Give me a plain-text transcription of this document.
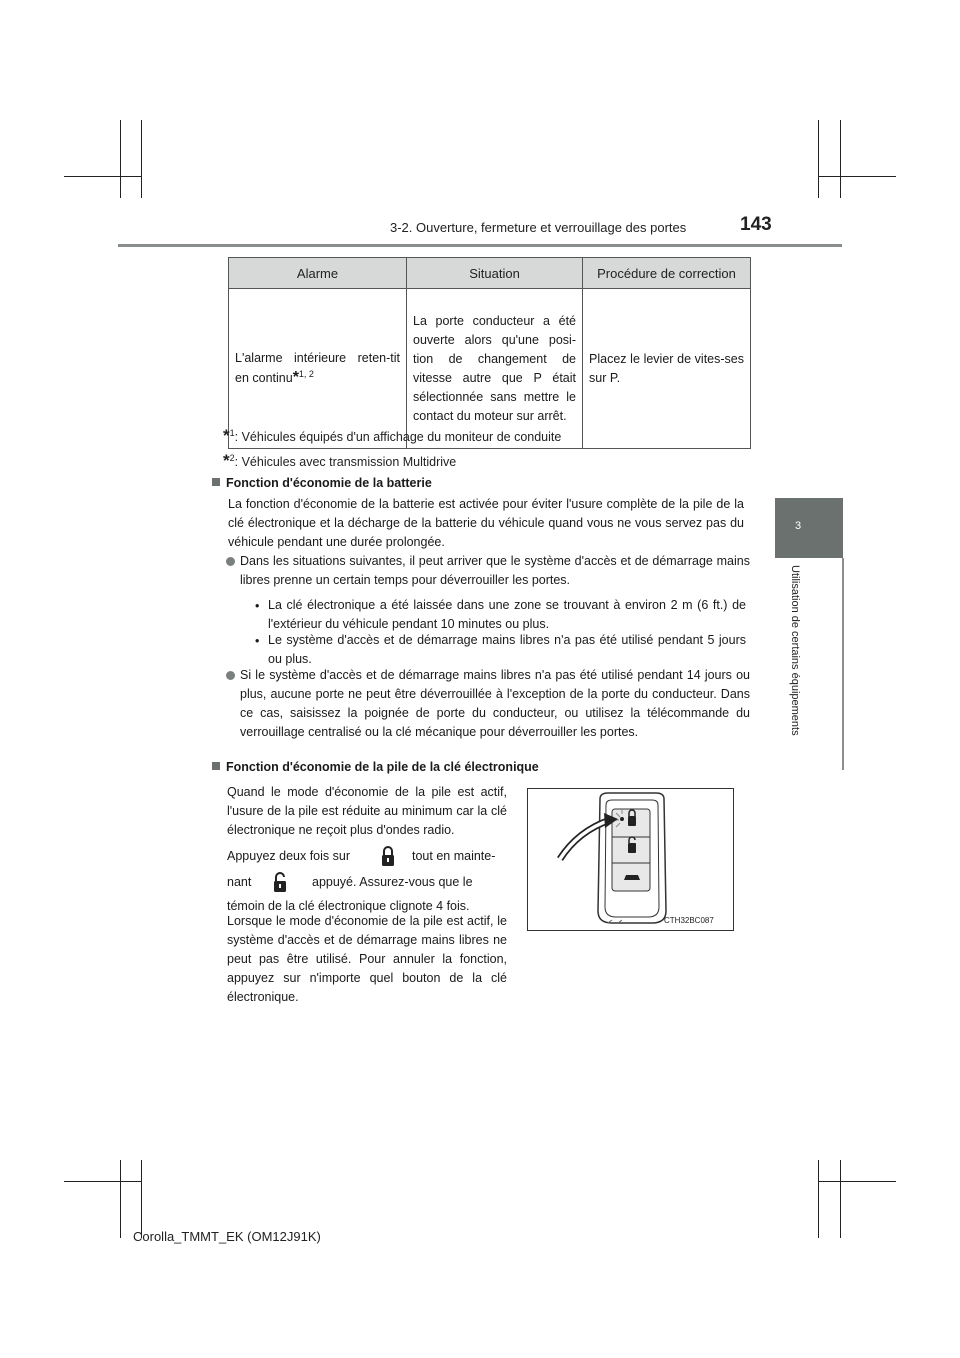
3-2. Ouverture, fermeture et verrouillage des portes	143
3
Utilisation de certains équipements
Alarme	Situation	Procédure de correction
L'alarme intérieure reten-tit en continu*$^{1, 2}$	La porte conducteur a été ouverte alors qu'une posi-tion de changement de vitesse autre que P était sélectionnée sans mettre le contact du moteur sur arrêt.	Placez le levier de vites-ses sur P.
*$^1$: Véhicules équipés d'un affichage du moniteur de conduite
*$^2$: Véhicules avec transmission Multidrive
Fonction d'économie de la batterie
La fonction d'économie de la batterie est activée pour éviter l'usure complète de la pile de la clé électronique et la décharge de la batterie du véhicule quand vous ne vous servez pas du véhicule pendant une durée prolongée.
Dans les situations suivantes, il peut arriver que le système d'accès et de démarrage mains libres prenne un certain temps pour déverrouiller les portes.
• La clé électronique a été laissée dans une zone se trouvant à environ 2 m (6 ft.) de l'extérieur du véhicule pendant 10 minutes ou plus.
• Le système d'accès et de démarrage mains libres n'a pas été utilisé pendant 5 jours ou plus.
Si le système d'accès et de démarrage mains libres n'a pas été utilisé pendant 14 jours ou plus, aucune porte ne peut être déverrouillée à l'exception de la porte du conducteur. Dans ce cas, saisissez la poignée de porte du conducteur, ou utilisez la télécommande du verrouillage centralisé ou la clé mécanique pour déverrouiller les portes.
Fonction d'économie de la pile de la clé électronique
Quand le mode d'économie de la pile est actif, l'usure de la pile est réduite au minimum car la clé électronique ne reçoit plus d'ondes radio.
Appuyez deux fois sur	tout en mainte-
nant	appuyé. Assurez-vous que le
témoin de la clé électronique clignote 4 fois.
Lorsque le mode d'économie de la pile est actif, le système d'accès et de démarrage mains libres ne peut pas être utilisé. Pour annuler la fonction, appuyez sur n'importe quel bouton de la clé électronique.
CTH32BC087
Corolla_TMMT_EK (OM12J91K)
